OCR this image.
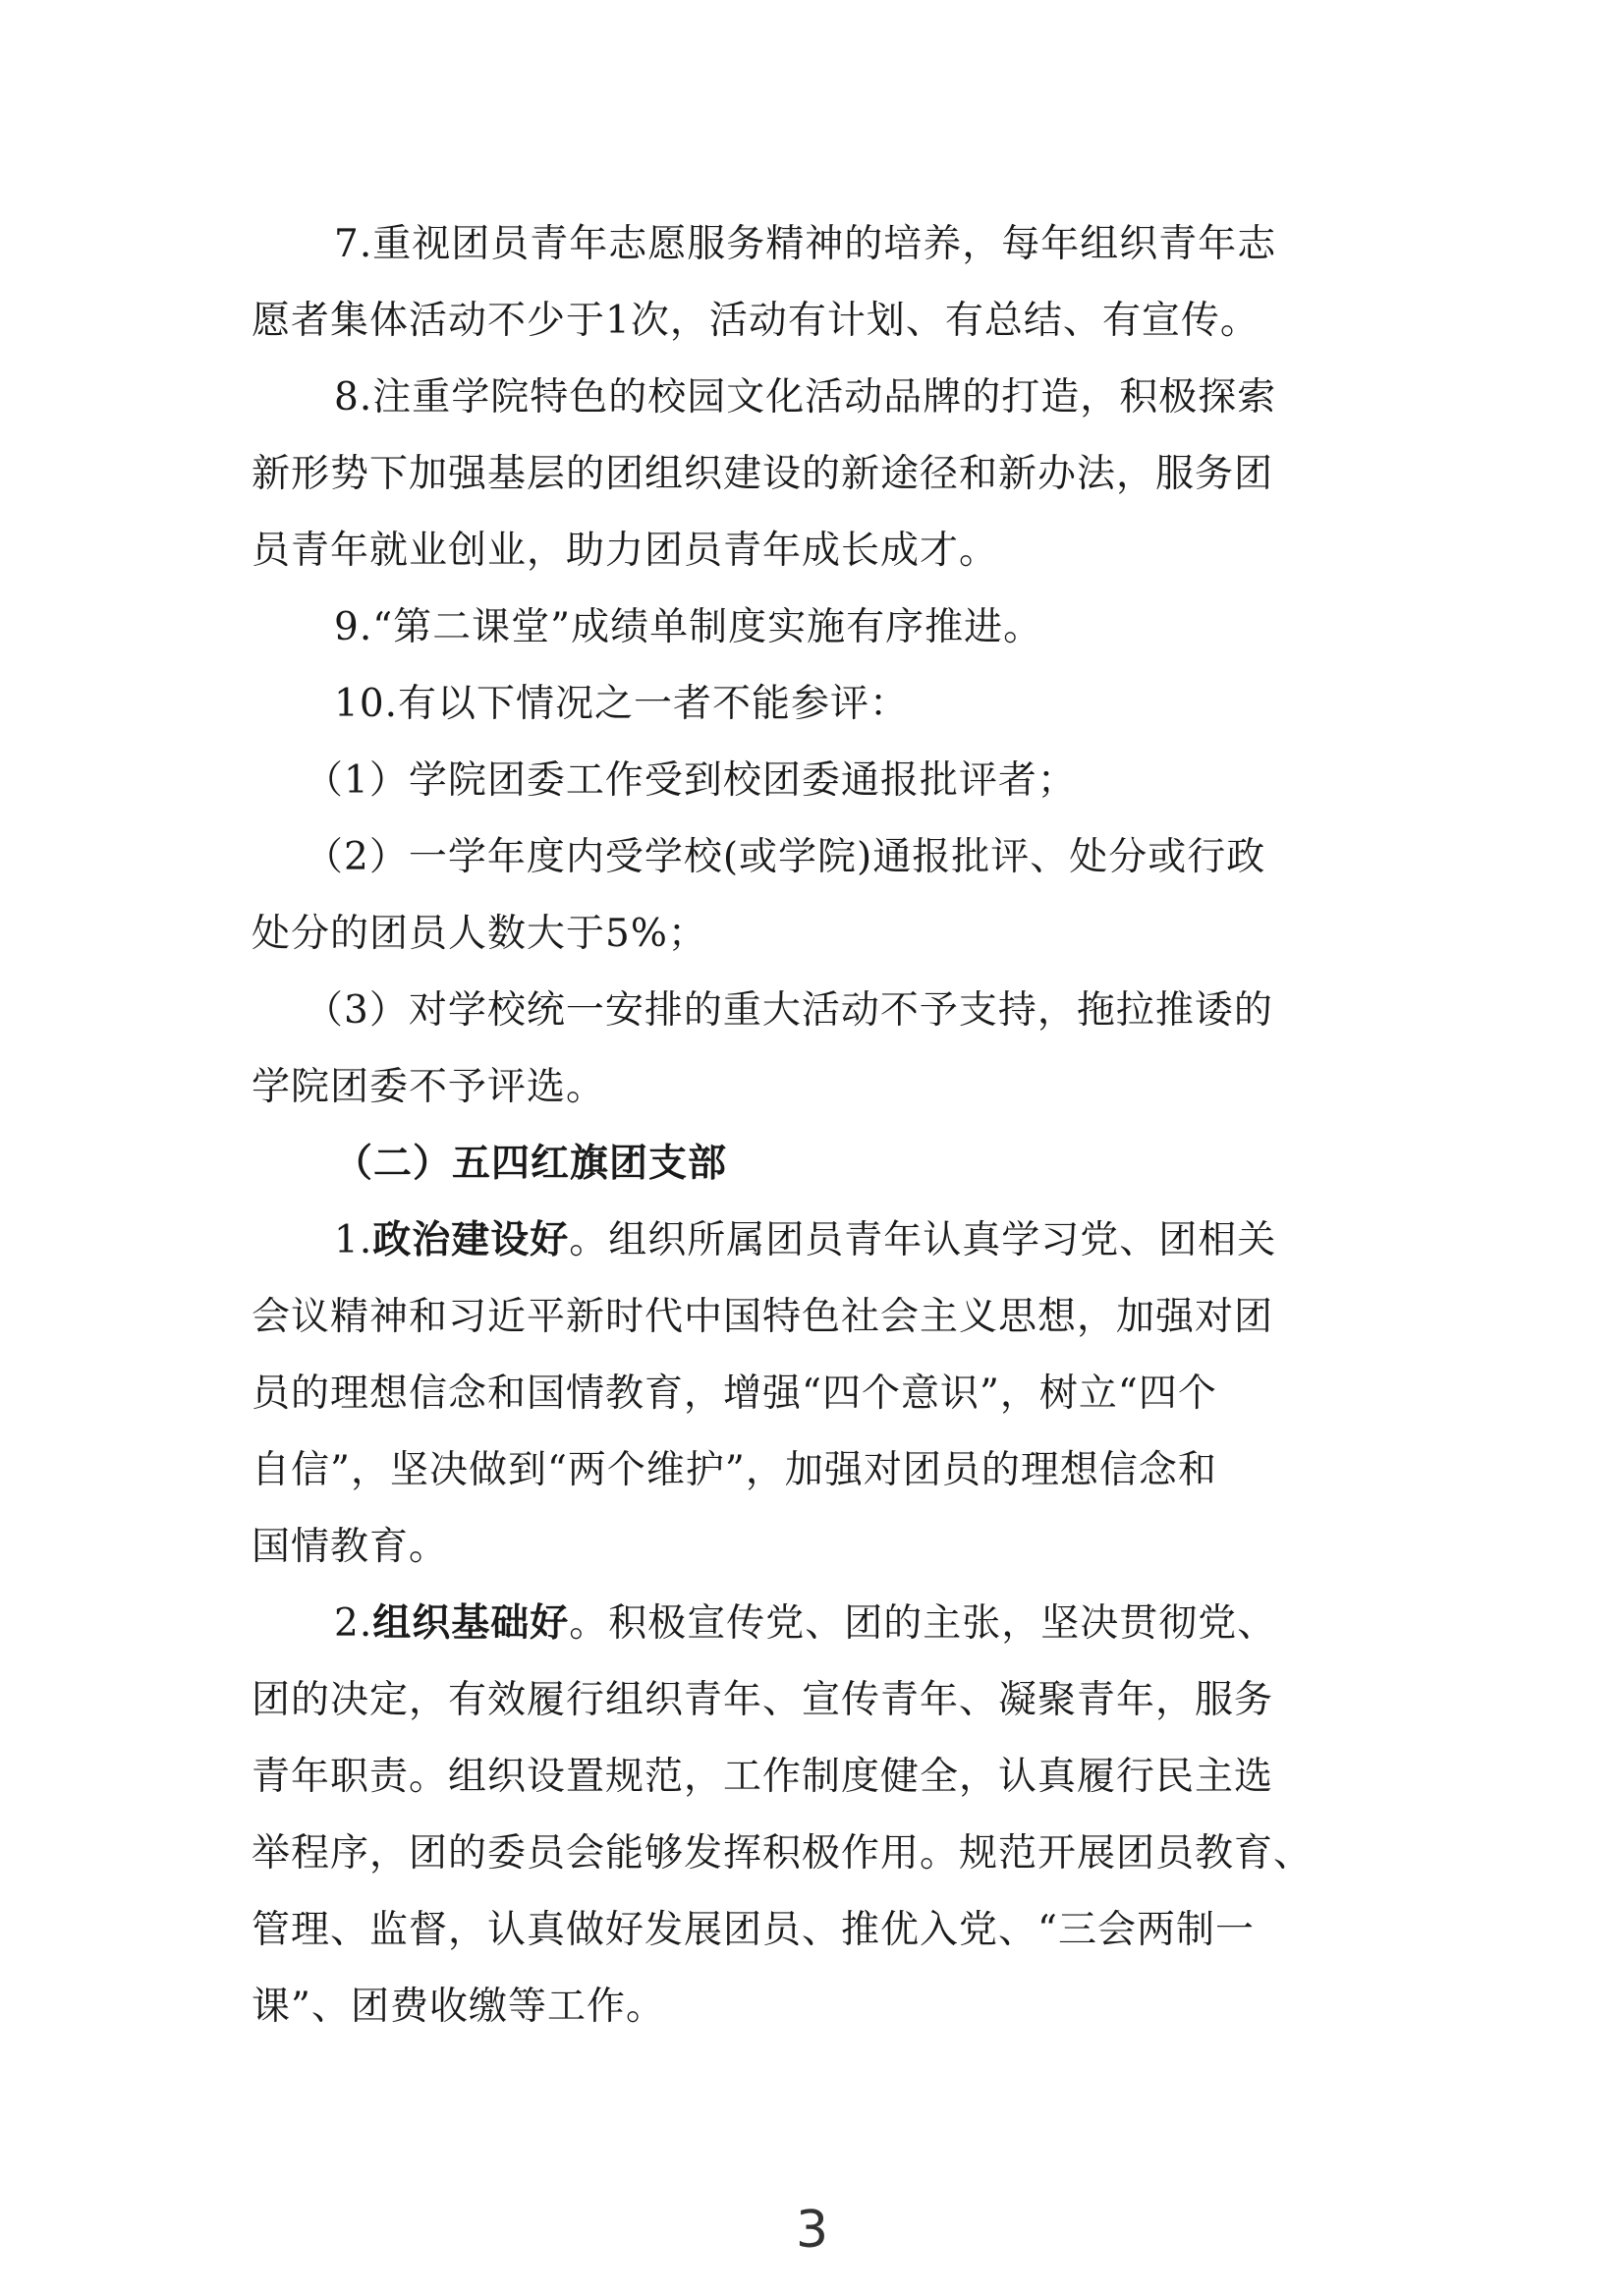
7.重视团员青年志愿服务精神的培养，每年组织青年志

愿者集体活动不少于1次，活动有计划、有总结、有宣传。

8.注重学院特色的校园文化活动品牌的打造，积极探索

新形势下加强基层的团组织建设的新途径和新办法，服务团

员青年就业创业，助力团员青年成长成才。

9.“第二课堂”成绩单制度实施有序推进。

10.有以下情况之一者不能参评：

（1）学院团委工作受到校团委通报批评者；

（2）一学年度内受学校(或学院)通报批评、处分或行政

处分的团员人数大于5%；

（3）对学校统一安排的重大活动不予支持，拖拉推诿的

学院团委不予评选。

（二）五四红旗团支部

1.政治建设好。组织所属团员青年认真学习党、团相关

会议精神和习近平新时代中国特色社会主义思想，加强对团

员的理想信念和国情教育，增强“四个意识”，树立“四个

自信”，坚决做到“两个维护”，加强对团员的理想信念和

国情教育。

2.组织基础好。积极宣传党、团的主张，坚决贯彻党、

团的决定，有效履行组织青年、宣传青年、凝聚青年，服务

青年职责。组织设置规范，工作制度健全，认真履行民主选

举程序，团的委员会能够发挥积极作用。规范开展团员教育、

管理、监督，认真做好发展团员、推优入党、“三会两制一

课”、团费收缴等工作。

3
